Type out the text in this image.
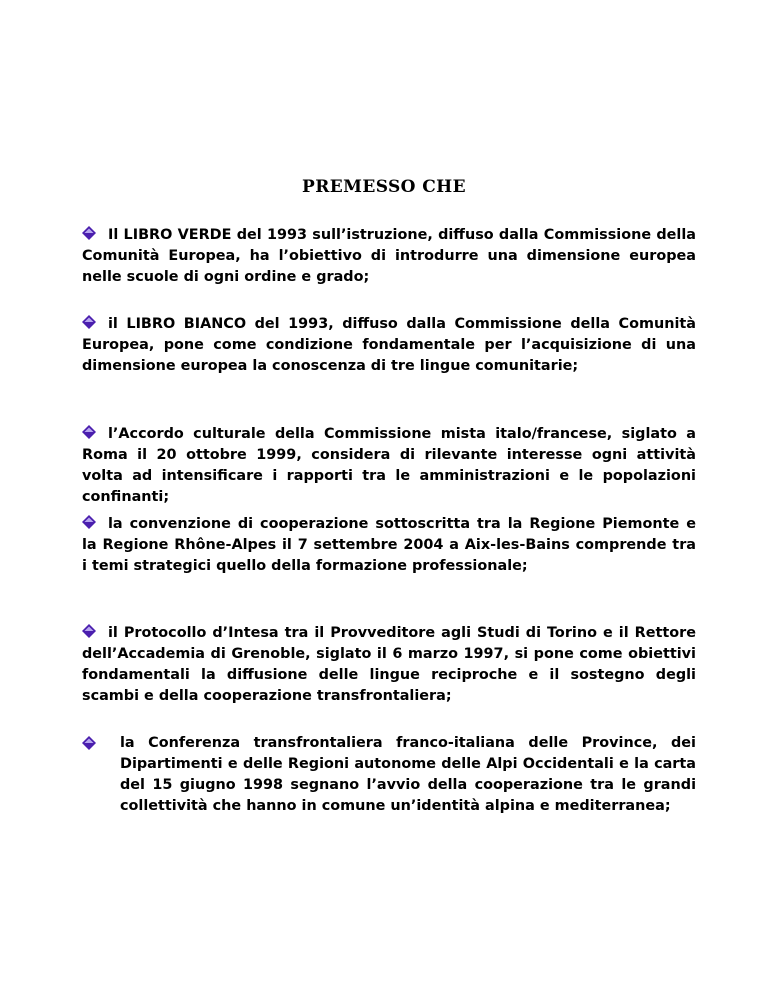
PREMESSO CHE

Il LIBRO VERDE del 1993 sull’istruzione, diffuso dalla Commissione della Comunità Europea, ha l’obiettivo di introdurre una dimensione europea nelle scuole di ogni ordine e grado;

il LIBRO BIANCO del 1993, diffuso dalla Commissione della Comunità Europea, pone come condizione fondamentale per l’acquisizione di una dimensione europea la conoscenza di tre lingue comunitarie;

l’Accordo culturale della Commissione mista italo/francese, siglato a Roma il 20 ottobre 1999, considera di rilevante interesse ogni attività volta ad intensificare i rapporti tra le amministrazioni e le popolazioni confinanti;

la convenzione di cooperazione sottoscritta tra la Regione Piemonte e la Regione Rhône-Alpes il 7 settembre 2004 a Aix-les-Bains comprende tra i temi strategici quello della formazione professionale;

il Protocollo d’Intesa tra il Provveditore agli Studi di Torino e il Rettore dell’Accademia di Grenoble, siglato il 6 marzo 1997, si pone come obiettivi fondamentali la diffusione delle lingue reciproche e il sostegno degli scambi e della cooperazione transfrontaliera;

la Conferenza transfrontaliera franco-italiana delle Province, dei Dipartimenti e delle Regioni autonome delle Alpi Occidentali e la carta del 15 giugno 1998 segnano l’avvio della cooperazione tra le grandi collettività che hanno in comune un’identità alpina e mediterranea;
